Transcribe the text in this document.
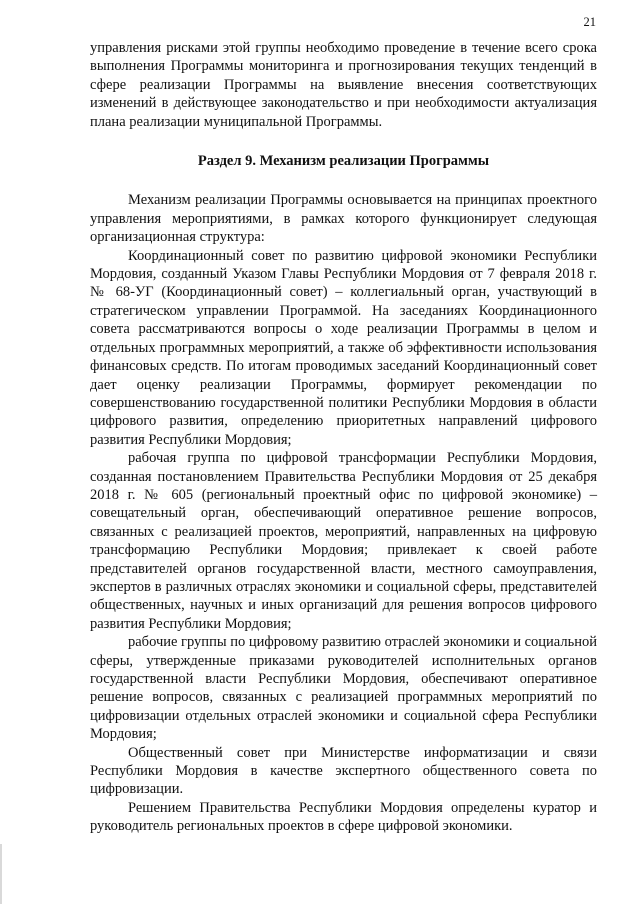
21

управления рисками этой группы необходимо проведение в течение всего срока выполнения Программы мониторинга и прогнозирования текущих тенденций в сфере реализации Программы на выявление внесения соответствующих изменений в действующее законодательство и при необходимости актуализация плана реализации муниципальной Программы.

Раздел 9. Механизм реализации Программы

Механизм реализации Программы основывается на принципах проектного управления мероприятиями, в рамках которого функционирует следующая организационная структура:

Координационный совет по развитию цифровой экономики Республики Мордовия, созданный Указом Главы Республики Мордовия от 7 февраля 2018 г. № 68-УГ (Координационный совет) – коллегиальный орган, участвующий в стратегическом управлении Программой. На заседаниях Координационного совета рассматриваются вопросы о ходе реализации Программы в целом и отдельных программных мероприятий, а также об эффективности использования финансовых средств. По итогам проводимых заседаний Координационный совет дает оценку реализации Программы, формирует рекомендации по совершенствованию государственной политики Республики Мордовия в области цифрового развития, определению приоритетных направлений цифрового развития Республики Мордовия;

рабочая группа по цифровой трансформации Республики Мордовия, созданная постановлением Правительства Республики Мордовия от 25 декабря 2018 г. № 605 (региональный проектный офис по цифровой экономике) – совещательный орган, обеспечивающий оперативное решение вопросов, связанных с реализацией проектов, мероприятий, направленных на цифровую трансформацию Республики Мордовия; привлекает к своей работе представителей органов государственной власти, местного самоуправления, экспертов в различных отраслях экономики и социальной сферы, представителей общественных, научных и иных организаций для решения вопросов цифрового развития Республики Мордовия;

рабочие группы по цифровому развитию отраслей экономики и социальной сферы, утвержденные приказами руководителей исполнительных органов государственной власти Республики Мордовия, обеспечивают оперативное решение вопросов, связанных с реализацией программных мероприятий по цифровизации отдельных отраслей экономики и социальной сфера Республики Мордовия;

Общественный совет при Министерстве информатизации и связи Республики Мордовия в качестве экспертного общественного совета по цифровизации.

Решением Правительства Республики Мордовия определены куратор и руководитель региональных проектов в сфере цифровой экономики.
